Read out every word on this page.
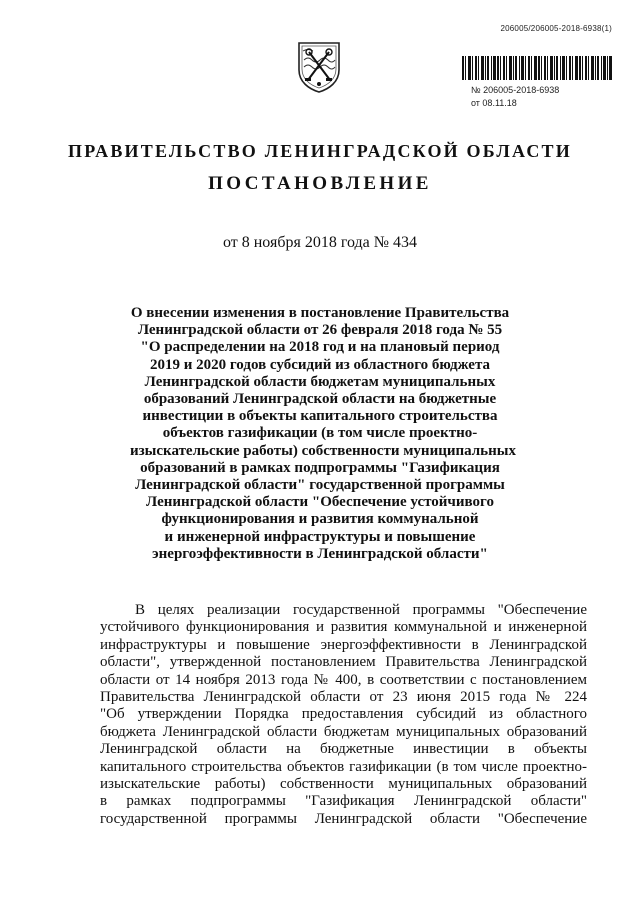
206005/206005-2018-6938(1)
№ 206005-2018-6938
от 08.11.18
ПРАВИТЕЛЬСТВО ЛЕНИНГРАДСКОЙ ОБЛАСТИ
ПОСТАНОВЛЕНИЕ
от 8 ноября 2018 года № 434
О внесении изменения в постановление Правительства
Ленинградской области от 26 февраля 2018 года № 55
"О распределении на 2018 год и на плановый период
2019 и 2020 годов субсидий из областного бюджета
Ленинградской области бюджетам муниципальных
образований Ленинградской области на бюджетные
инвестиции в объекты капитального строительства
объектов газификации (в том числе проектно-
изыскательские работы) собственности муниципальных
образований в рамках подпрограммы "Газификация
Ленинградской области" государственной программы
Ленинградской области "Обеспечение устойчивого
функционирования и развития коммунальной
и инженерной инфраструктуры и повышение
энергоэффективности в Ленинградской области"
В целях реализации государственной программы "Обеспечение
устойчивого функционирования и развития коммунальной и инженерной
инфраструктуры и повышение энергоэффективности в Ленинградской
области", утвержденной постановлением Правительства Ленинградской
области от 14 ноября 2013 года № 400, в соответствии с постановлением
Правительства Ленинградской области от 23 июня 2015 года № 224
"Об утверждении Порядка предоставления субсидий из областного
бюджета Ленинградской области бюджетам муниципальных образований
Ленинградской области на бюджетные инвестиции в объекты
капитального строительства объектов газификации (в том числе проектно-
изыскательские работы) собственности муниципальных образований
в рамках подпрограммы "Газификация Ленинградской области"
государственной программы Ленинградской области "Обеспечение
